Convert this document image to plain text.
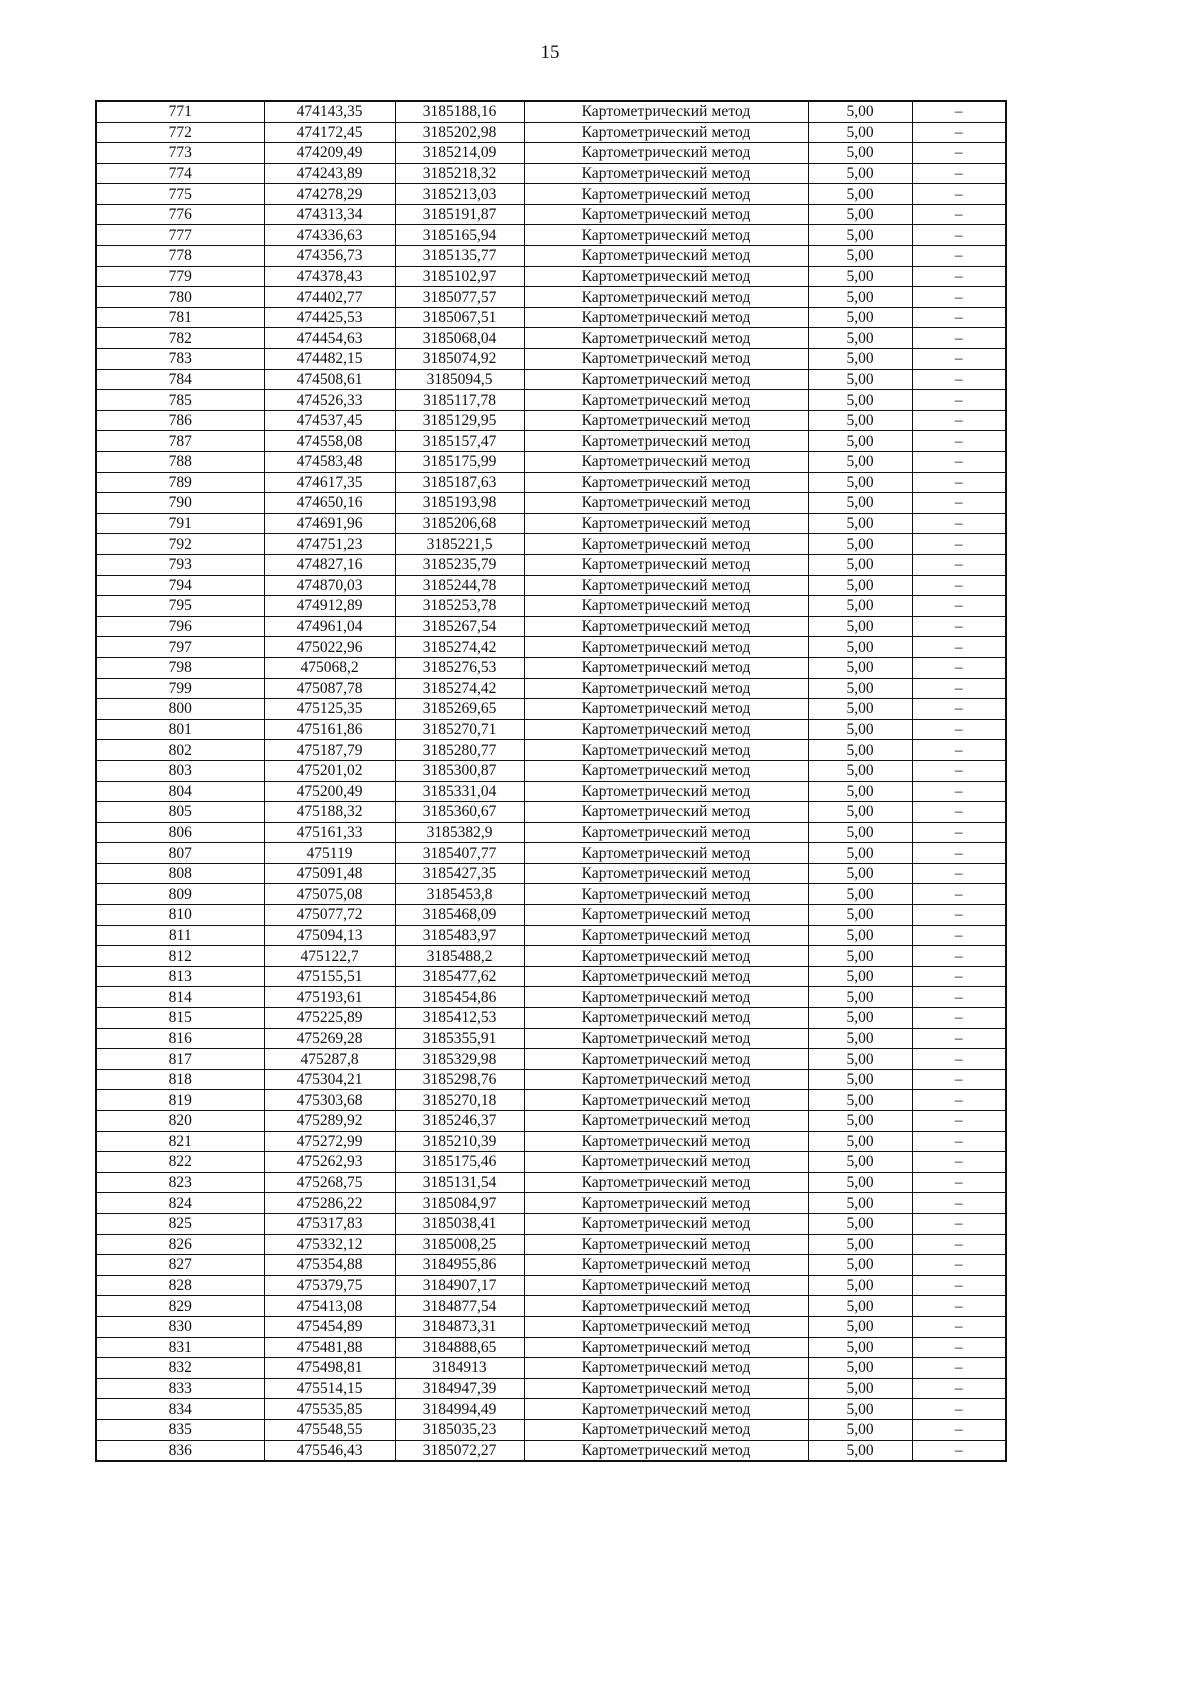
15
771	474143,35	3185188,16	Картометрический метод	5,00	–
772	474172,45	3185202,98	Картометрический метод	5,00	–
773	474209,49	3185214,09	Картометрический метод	5,00	–
774	474243,89	3185218,32	Картометрический метод	5,00	–
775	474278,29	3185213,03	Картометрический метод	5,00	–
776	474313,34	3185191,87	Картометрический метод	5,00	–
777	474336,63	3185165,94	Картометрический метод	5,00	–
778	474356,73	3185135,77	Картометрический метод	5,00	–
779	474378,43	3185102,97	Картометрический метод	5,00	–
780	474402,77	3185077,57	Картометрический метод	5,00	–
781	474425,53	3185067,51	Картометрический метод	5,00	–
782	474454,63	3185068,04	Картометрический метод	5,00	–
783	474482,15	3185074,92	Картометрический метод	5,00	–
784	474508,61	3185094,5	Картометрический метод	5,00	–
785	474526,33	3185117,78	Картометрический метод	5,00	–
786	474537,45	3185129,95	Картометрический метод	5,00	–
787	474558,08	3185157,47	Картометрический метод	5,00	–
788	474583,48	3185175,99	Картометрический метод	5,00	–
789	474617,35	3185187,63	Картометрический метод	5,00	–
790	474650,16	3185193,98	Картометрический метод	5,00	–
791	474691,96	3185206,68	Картометрический метод	5,00	–
792	474751,23	3185221,5	Картометрический метод	5,00	–
793	474827,16	3185235,79	Картометрический метод	5,00	–
794	474870,03	3185244,78	Картометрический метод	5,00	–
795	474912,89	3185253,78	Картометрический метод	5,00	–
796	474961,04	3185267,54	Картометрический метод	5,00	–
797	475022,96	3185274,42	Картометрический метод	5,00	–
798	475068,2	3185276,53	Картометрический метод	5,00	–
799	475087,78	3185274,42	Картометрический метод	5,00	–
800	475125,35	3185269,65	Картометрический метод	5,00	–
801	475161,86	3185270,71	Картометрический метод	5,00	–
802	475187,79	3185280,77	Картометрический метод	5,00	–
803	475201,02	3185300,87	Картометрический метод	5,00	–
804	475200,49	3185331,04	Картометрический метод	5,00	–
805	475188,32	3185360,67	Картометрический метод	5,00	–
806	475161,33	3185382,9	Картометрический метод	5,00	–
807	475119	3185407,77	Картометрический метод	5,00	–
808	475091,48	3185427,35	Картометрический метод	5,00	–
809	475075,08	3185453,8	Картометрический метод	5,00	–
810	475077,72	3185468,09	Картометрический метод	5,00	–
811	475094,13	3185483,97	Картометрический метод	5,00	–
812	475122,7	3185488,2	Картометрический метод	5,00	–
813	475155,51	3185477,62	Картометрический метод	5,00	–
814	475193,61	3185454,86	Картометрический метод	5,00	–
815	475225,89	3185412,53	Картометрический метод	5,00	–
816	475269,28	3185355,91	Картометрический метод	5,00	–
817	475287,8	3185329,98	Картометрический метод	5,00	–
818	475304,21	3185298,76	Картометрический метод	5,00	–
819	475303,68	3185270,18	Картометрический метод	5,00	–
820	475289,92	3185246,37	Картометрический метод	5,00	–
821	475272,99	3185210,39	Картометрический метод	5,00	–
822	475262,93	3185175,46	Картометрический метод	5,00	–
823	475268,75	3185131,54	Картометрический метод	5,00	–
824	475286,22	3185084,97	Картометрический метод	5,00	–
825	475317,83	3185038,41	Картометрический метод	5,00	–
826	475332,12	3185008,25	Картометрический метод	5,00	–
827	475354,88	3184955,86	Картометрический метод	5,00	–
828	475379,75	3184907,17	Картометрический метод	5,00	–
829	475413,08	3184877,54	Картометрический метод	5,00	–
830	475454,89	3184873,31	Картометрический метод	5,00	–
831	475481,88	3184888,65	Картометрический метод	5,00	–
832	475498,81	3184913	Картометрический метод	5,00	–
833	475514,15	3184947,39	Картометрический метод	5,00	–
834	475535,85	3184994,49	Картометрический метод	5,00	–
835	475548,55	3185035,23	Картометрический метод	5,00	–
836	475546,43	3185072,27	Картометрический метод	5,00	–
